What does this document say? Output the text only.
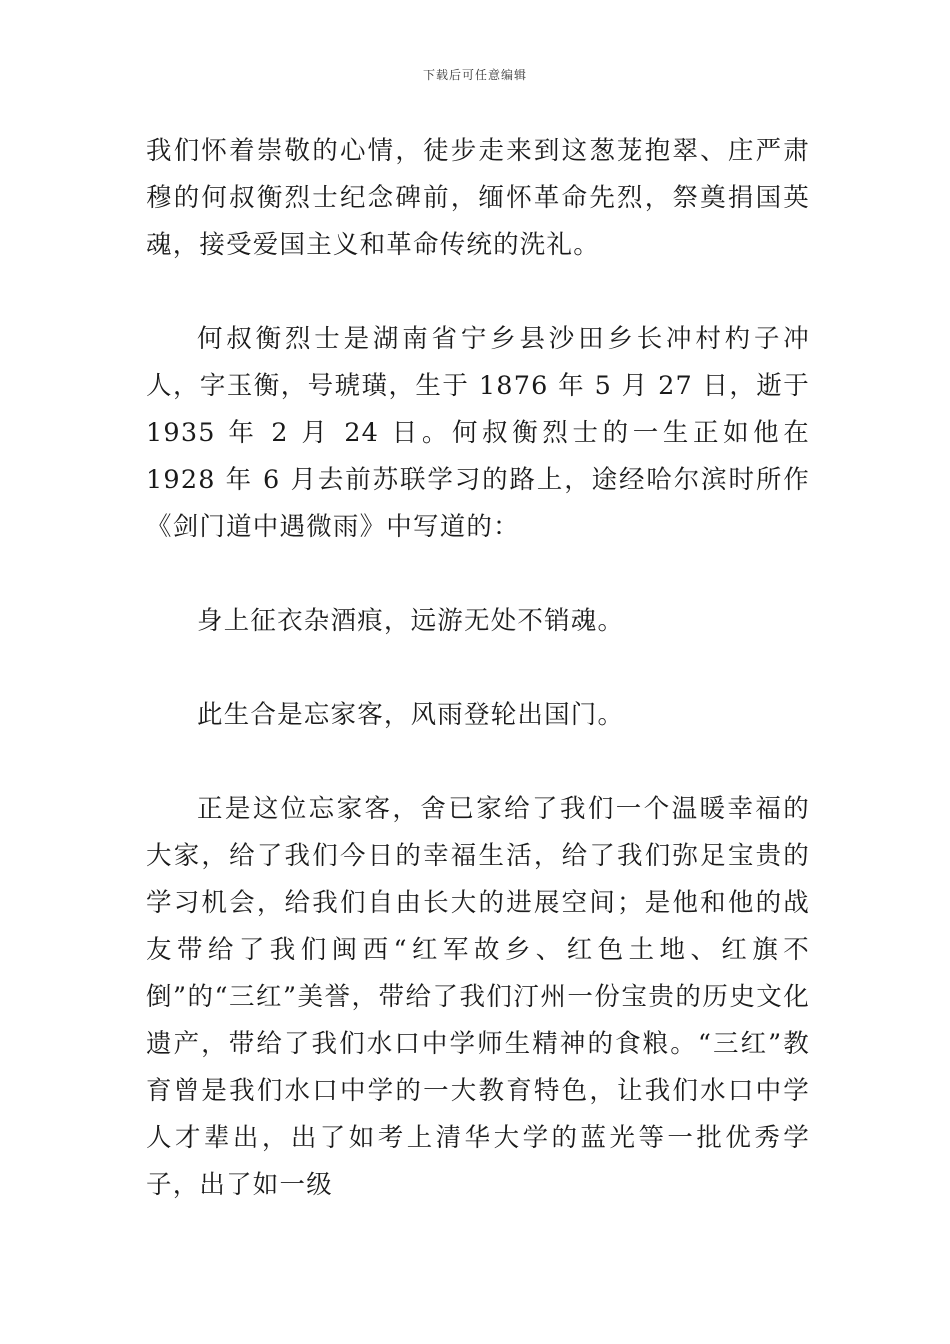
下载后可任意编辑

我们怀着崇敬的心情，徒步走来到这葱茏抱翠、庄严肃穆的何叔衡烈士纪念碑前，缅怀革命先烈，祭奠捐国英魂，接受爱国主义和革命传统的洗礼。

何叔衡烈士是湖南省宁乡县沙田乡长冲村杓子冲人，字玉衡，号琥璜，生于 1876 年 5 月 27 日，逝于 1935 年 2 月 24 日。何叔衡烈士的一生正如他在 1928 年 6 月去前苏联学习的路上，途经哈尔滨时所作《剑门道中遇微雨》中写道的：

身上征衣杂酒痕，远游无处不销魂。

此生合是忘家客，风雨登轮出国门。

正是这位忘家客，舍已家给了我们一个温暖幸福的大家，给了我们今日的幸福生活，给了我们弥足宝贵的学习机会，给我们自由长大的进展空间；是他和他的战友带给了我们闽西“红军故乡、红色土地、红旗不倒”的“三红”美誉，带给了我们汀州一份宝贵的历史文化遗产，带给了我们水口中学师生精神的食粮。“三红”教育曾是我们水口中学的一大教育特色，让我们水口中学人才辈出，出了如考上清华大学的蓝光等一批优秀学子，出了如一级
